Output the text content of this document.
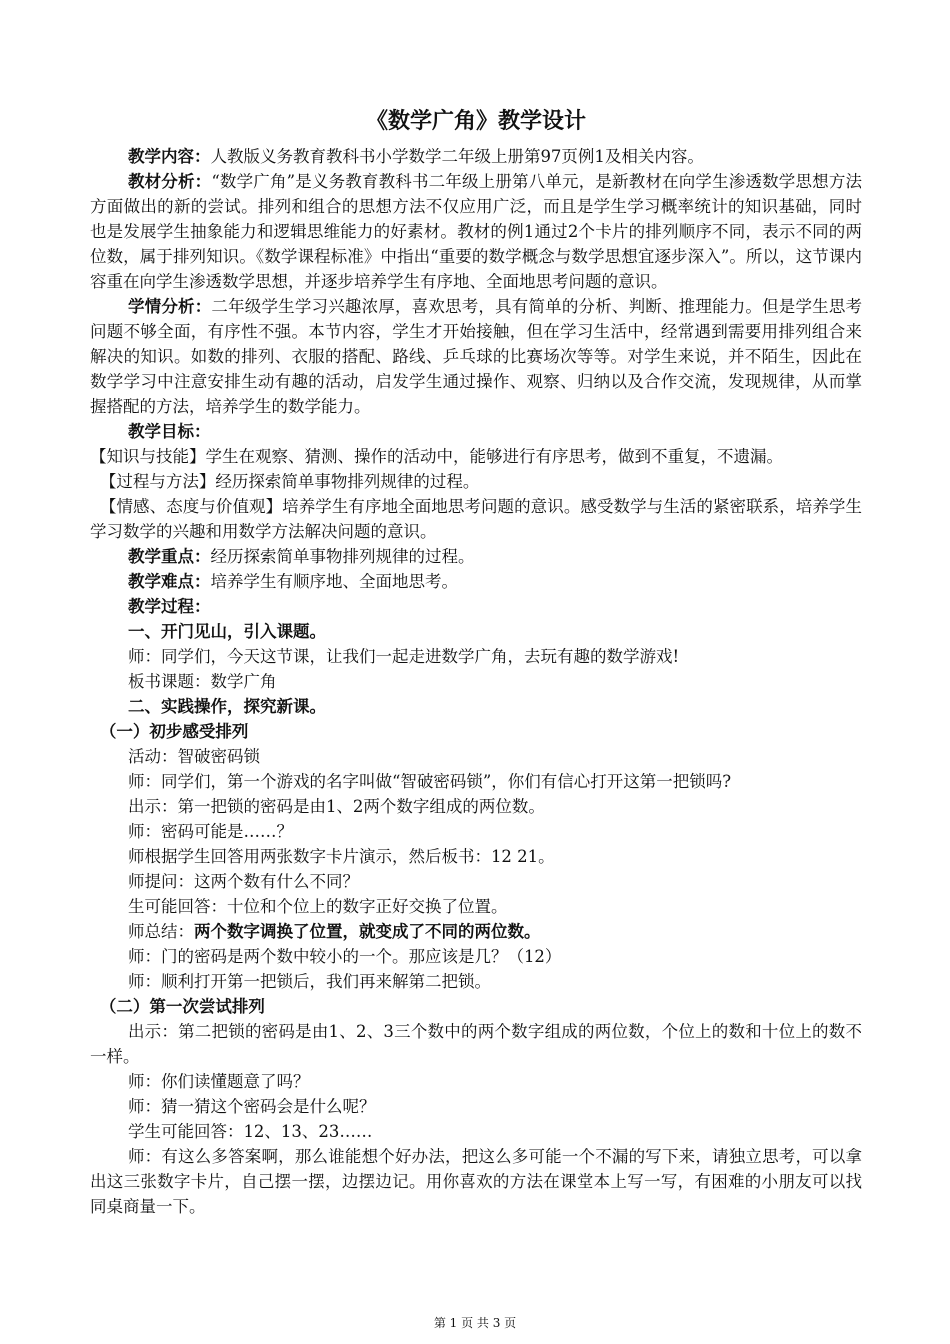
《数学广角》教学设计

教学内容：人教版义务教育教科书小学数学二年级上册第97页例1及相关内容。

教材分析：“数学广角”是义务教育教科书二年级上册第八单元，是新教材在向学生渗透数学思想方法方面做出的新的尝试。排列和组合的思想方法不仅应用广泛，而且是学生学习概率统计的知识基础，同时也是发展学生抽象能力和逻辑思维能力的好素材。教材的例1通过2个卡片的排列顺序不同，表示不同的两位数，属于排列知识。《数学课程标准》中指出“重要的数学概念与数学思想宜逐步深入”。所以，这节课内容重在向学生渗透数学思想，并逐步培养学生有序地、全面地思考问题的意识。

学情分析：二年级学生学习兴趣浓厚，喜欢思考，具有简单的分析、判断、推理能力。但是学生思考问题不够全面，有序性不强。本节内容，学生才开始接触，但在学习生活中，经常遇到需要用排列组合来解决的知识。如数的排列、衣服的搭配、路线、乒乓球的比赛场次等等。对学生来说，并不陌生，因此在数学学习中注意安排生动有趣的活动，启发学生通过操作、观察、归纳以及合作交流，发现规律，从而掌握搭配的方法，培养学生的数学能力。

教学目标：

【知识与技能】学生在观察、猜测、操作的活动中，能够进行有序思考，做到不重复，不遗漏。

【过程与方法】经历探索简单事物排列规律的过程。

【情感、态度与价值观】培养学生有序地全面地思考问题的意识。感受数学与生活的紧密联系，培养学生学习数学的兴趣和用数学方法解决问题的意识。

教学重点：经历探索简单事物排列规律的过程。

教学难点：培养学生有顺序地、全面地思考。

教学过程：

一、开门见山，引入课题。

师：同学们，今天这节课，让我们一起走进数学广角，去玩有趣的数学游戏!

板书课题：数学广角

二、实践操作，探究新课。

（一）初步感受排列

活动：智破密码锁

师：同学们，第一个游戏的名字叫做“智破密码锁”，你们有信心打开这第一把锁吗?

出示：第一把锁的密码是由1、2两个数字组成的两位数。

师：密码可能是……？

师根据学生回答用两张数字卡片演示，然后板书：12 21。

师提问：这两个数有什么不同？

生可能回答：十位和个位上的数字正好交换了位置。

师总结：两个数字调换了位置，就变成了不同的两位数。

师：门的密码是两个数中较小的一个。那应该是几？（12）

师：顺利打开第一把锁后，我们再来解第二把锁。

（二）第一次尝试排列

出示：第二把锁的密码是由1、2、3三个数中的两个数字组成的两位数，个位上的数和十位上的数不一样。

师：你们读懂题意了吗？

师：猜一猜这个密码会是什么呢？

学生可能回答：12、13、23……

师：有这么多答案啊，那么谁能想个好办法，把这么多可能一个不漏的写下来，请独立思考，可以拿出这三张数字卡片，自己摆一摆，边摆边记。用你喜欢的方法在课堂本上写一写，有困难的小朋友可以找同桌商量一下。

第 1 页 共 3 页
